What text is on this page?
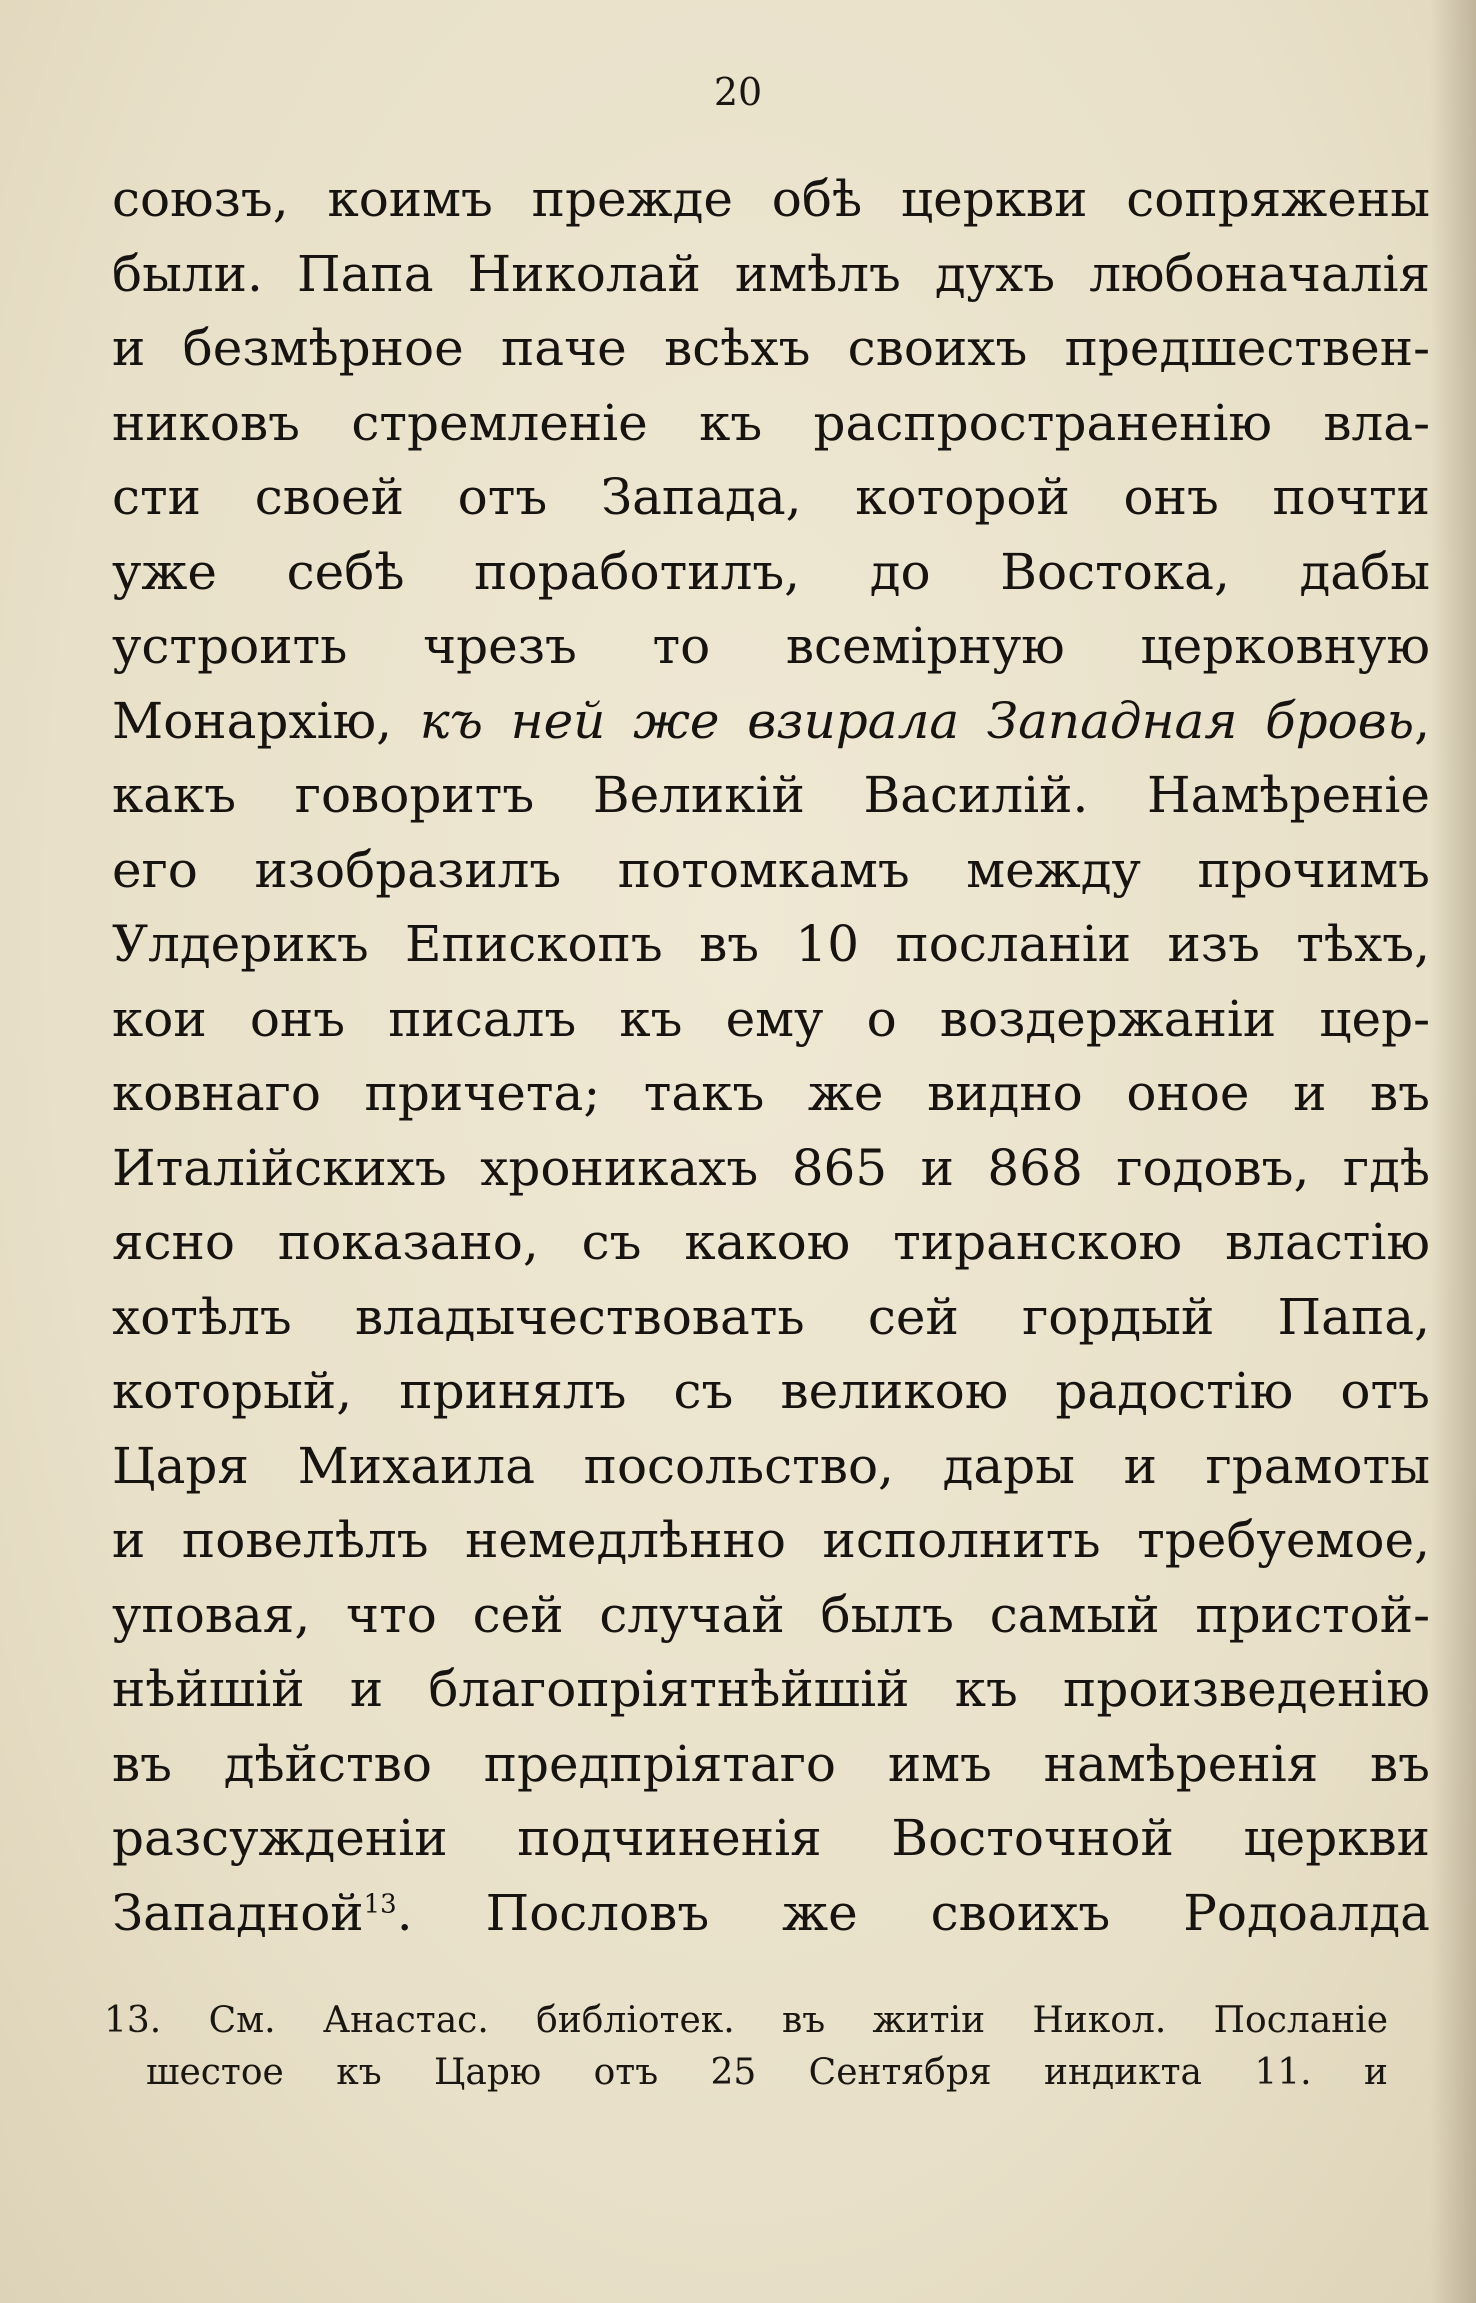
20
союзъ, коимъ прежде обѣ церкви сопряжены
были. Папа Николай имѣлъ духъ любоначалія
и безмѣрное паче всѣхъ своихъ предшествен-
никовъ стремленіе къ распространенію вла-
сти своей отъ Запада, которой онъ почти
уже себѣ поработилъ, до Востока, дабы
устроить чрезъ то всемірную церковную
Монархію, къ ней же взирала Западная бровь,
какъ говоритъ Великій Василій. Намѣреніе
его изобразилъ потомкамъ между прочимъ
Улдерикъ Епископъ въ 10 посланіи изъ тѣхъ,
кои онъ писалъ къ ему о воздержаніи цер-
ковнаго причета; такъ же видно оное и въ
Италійскихъ хроникахъ 865 и 868 годовъ, гдѣ
ясно показано, съ какою тиранскою властію
хотѣлъ владычествовать сей гордый Папа,
который, принялъ съ великою радостію отъ
Царя Михаила посольство, дары и грамоты
и повелѣлъ немедлѣнно исполнить требуемое,
уповая, что сей случай былъ самый пристой-
нѣйшій и благопріятнѣйшій къ произведенію
въ дѣйство предпріятаго имъ намѣренія въ
разсужденіи подчиненія Восточной церкви
Западной$^{13}$. Пословъ же своихъ Родоалда
13. См. Анастас. библіотек. въ житіи Никол. Посланіе
шестое къ Царю отъ 25 Сентября индикта 11. и
